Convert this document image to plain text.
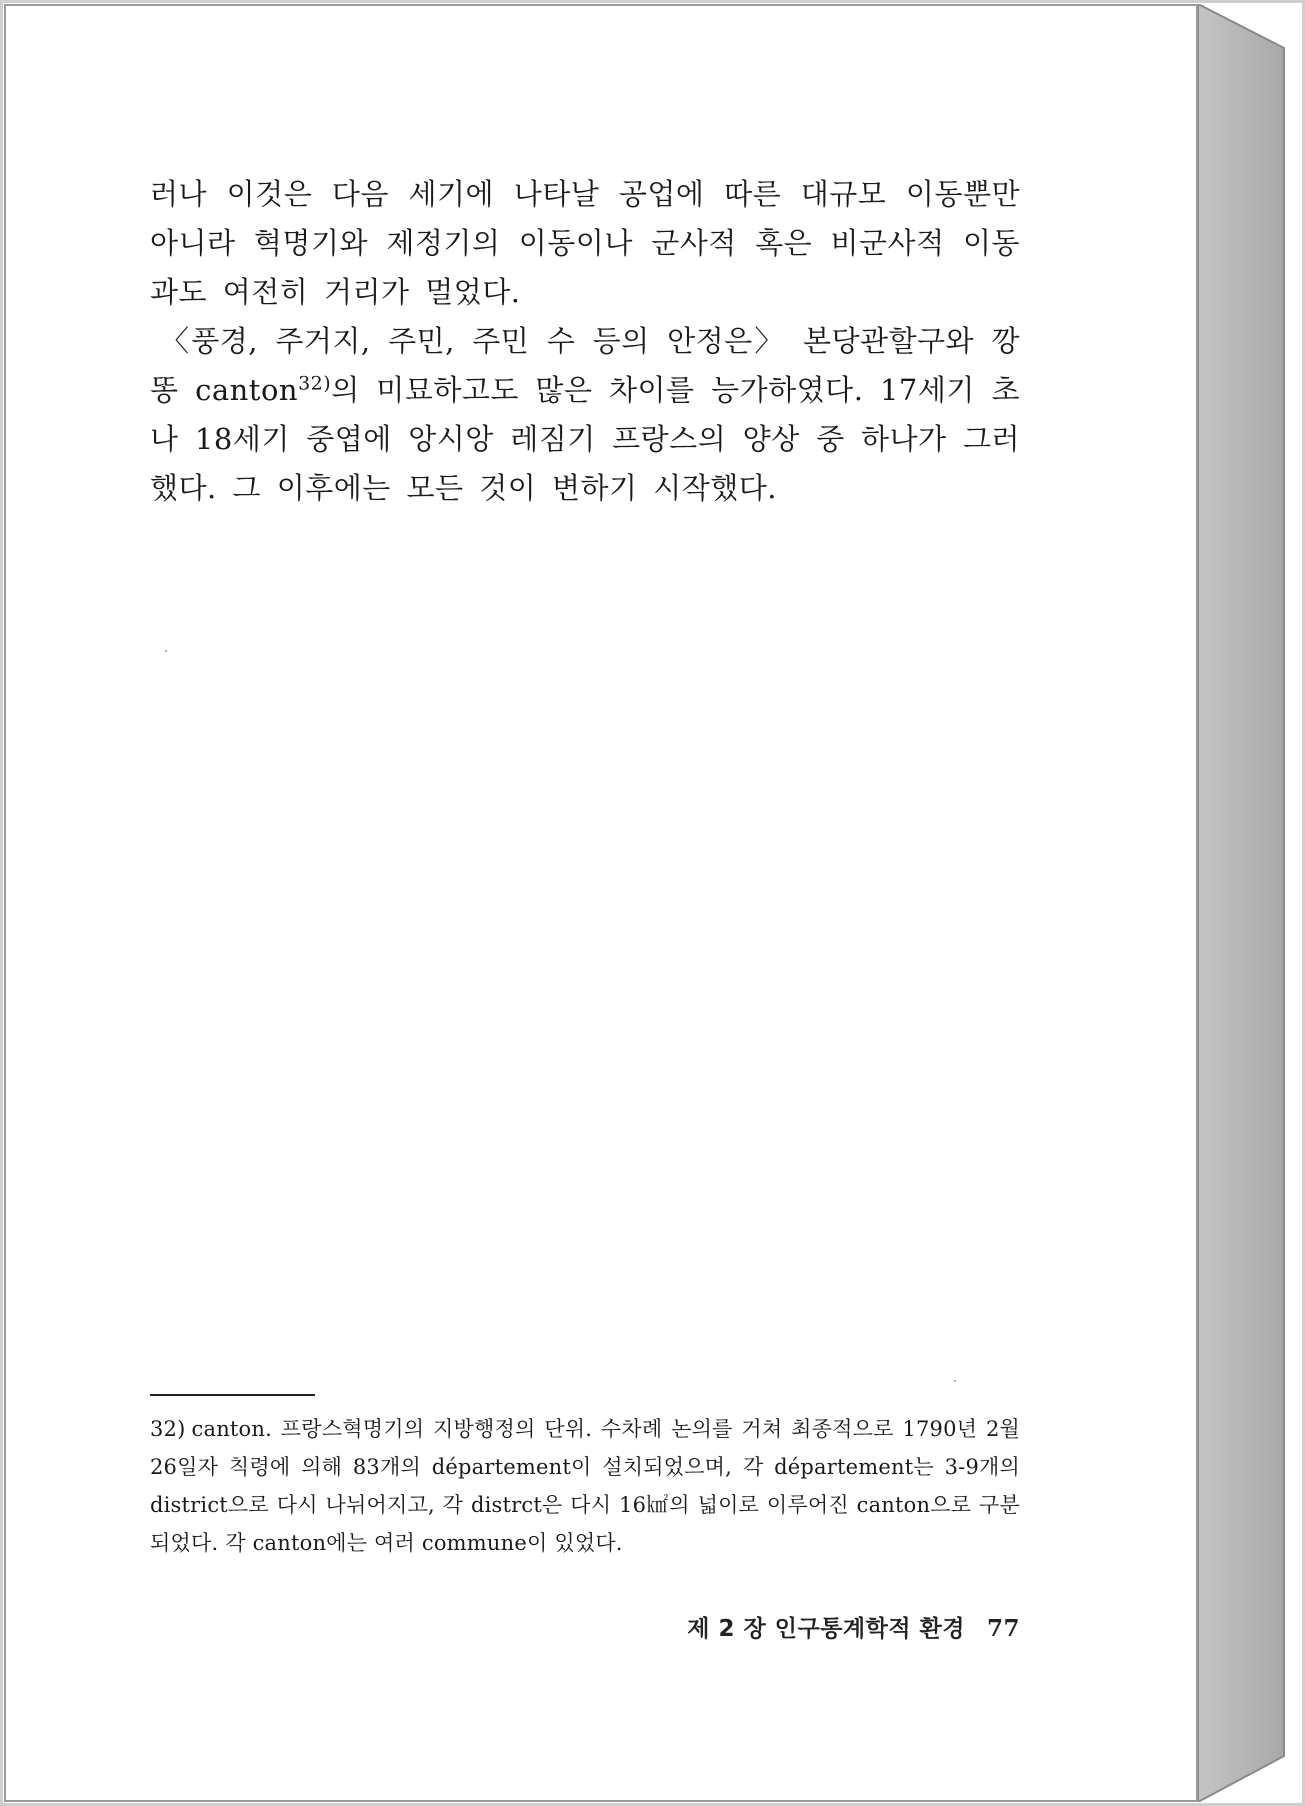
러나 이것은 다음 세기에 나타날 공업에 따른 대규모 이동뿐만 아니라 혁명기와 제정기의 이동이나 군사적 혹은 비군사적 이동과도 여전히 거리가 멀었다.

〈풍경, 주거지, 주민, 주민 수 등의 안정은〉 본당관할구와 깡똥 canton$^{32)}$의 미묘하고도 많은 차이를 능가하였다. 17세기 초나 18세기 중엽에 앙시앙 레짐기 프랑스의 양상 중 하나가 그러했다. 그 이후에는 모든 것이 변하기 시작했다.

32) canton. 프랑스혁명기의 지방행정의 단위. 수차례 논의를 거쳐 최종적으로 1790년 2월 26일자 칙령에 의해 83개의 département이 설치되었으며, 각 département는 3-9개의 district으로 다시 나뉘어지고, 각 distrct은 다시 16㎢의 넓이로 이루어진 canton으로 구분되었다. 각 canton에는 여러 commune이 있었다.
제 2 장 인구통계학적 환경 77
